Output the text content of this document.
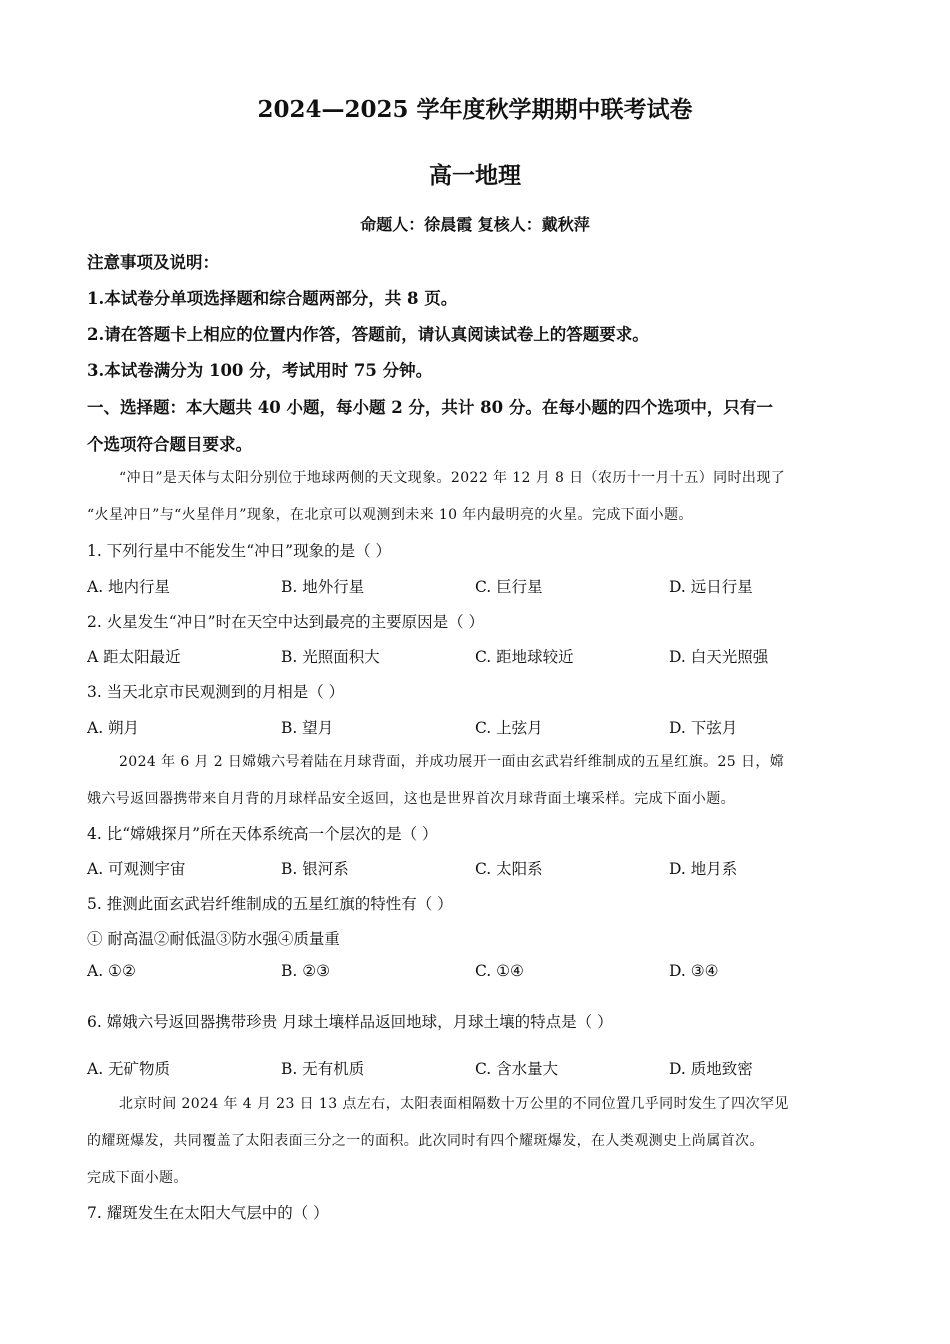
2024—2025 学年度秋学期期中联考试卷
高一地理
命题人：徐晨霞 复核人：戴秋萍
注意事项及说明：
1.本试卷分单项选择题和综合题两部分，共 8 页。
2.请在答题卡上相应的位置内作答，答题前，请认真阅读试卷上的答题要求。
3.本试卷满分为 100 分，考试用时 75 分钟。
一、选择题：本大题共 40 小题，每小题 2 分，共计 80 分。在每小题的四个选项中，只有一
个选项符合题目要求。
“冲日”是天体与太阳分别位于地球两侧的天文现象。2022 年 12 月 8 日（农历十一月十五）同时出现了
“火星冲日”与“火星伴月”现象，在北京可以观测到未来 10 年内最明亮的火星。完成下面小题。
1. 下列行星中不能发生“冲日”现象的是（ ）
A. 地内行星	B. 地外行星	C. 巨行星	D. 远日行星
2. 火星发生“冲日”时在天空中达到最亮的主要原因是（ ）
A 距太阳最近	B. 光照面积大	C. 距地球较近	D. 白天光照强
3. 当天北京市民观测到的月相是（ ）
A. 朔月	B. 望月	C. 上弦月	D. 下弦月
2024 年 6 月 2 日嫦娥六号着陆在月球背面，并成功展开一面由玄武岩纤维制成的五星红旗。25 日，嫦
娥六号返回器携带来自月背的月球样品安全返回，这也是世界首次月球背面土壤采样。完成下面小题。
4. 比“嫦娥探月”所在天体系统高一个层次的是（ ）
A. 可观测宇宙	B. 银河系	C. 太阳系	D. 地月系
5. 推测此面玄武岩纤维制成的五星红旗的特性有（ ）
① 耐高温②耐低温③防水强④质量重
A. ①②	B. ②③	C. ①④	D. ③④
6. 嫦娥六号返回器携带珍贵 月球土壤样品返回地球，月球土壤的特点是（ ）
A. 无矿物质	B. 无有机质	C. 含水量大	D. 质地致密
北京时间 2024 年 4 月 23 日 13 点左右，太阳表面相隔数十万公里的不同位置几乎同时发生了四次罕见
的耀斑爆发，共同覆盖了太阳表面三分之一的面积。此次同时有四个耀斑爆发，在人类观测史上尚属首次。
完成下面小题。
7. 耀斑发生在太阳大气层中的（ ）
